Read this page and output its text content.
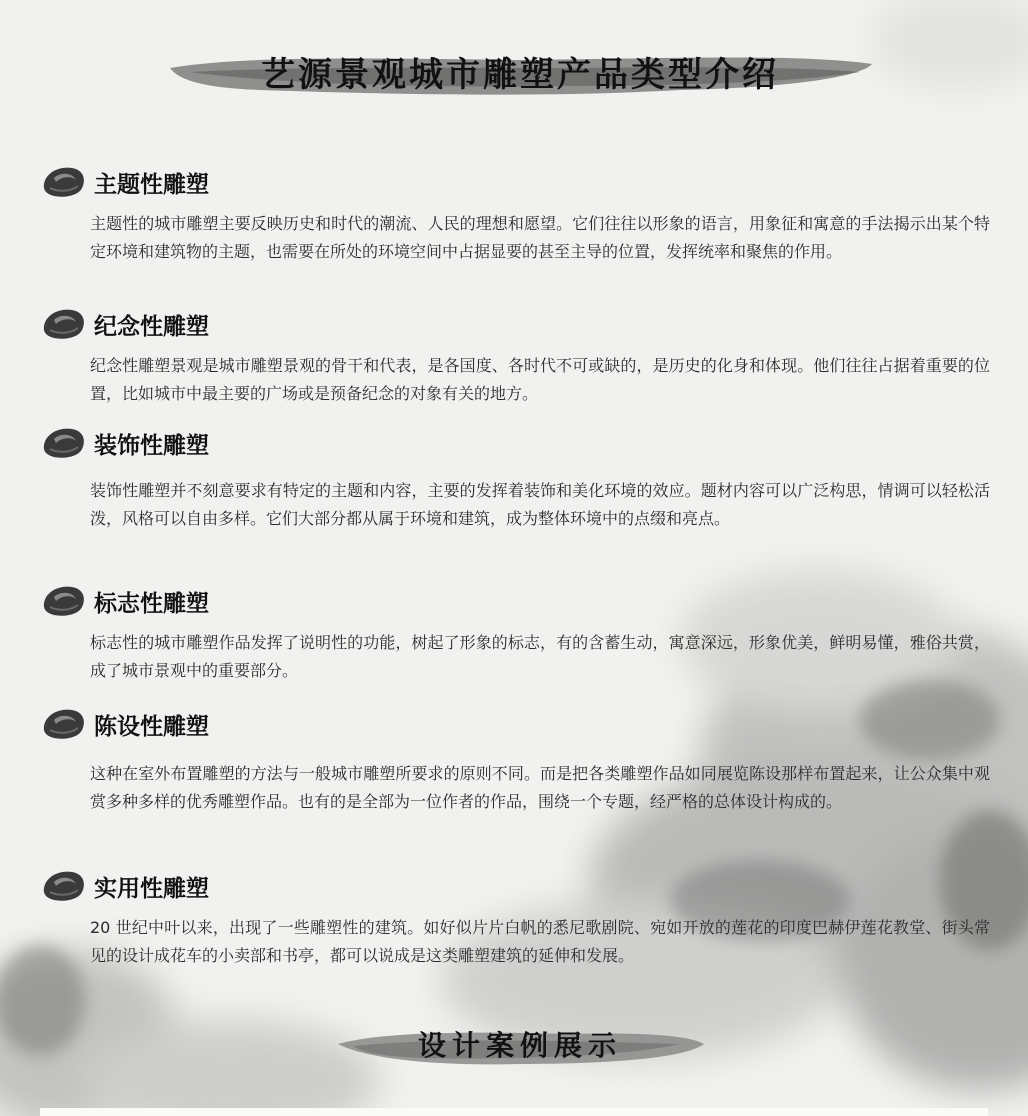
艺源景观城市雕塑产品类型介绍
主题性雕塑
主题性的城市雕塑主要反映历史和时代的潮流、人民的理想和愿望。它们往往以形象的语言，用象征和寓意的手法揭示出某个特定环境和建筑物的主题，也需要在所处的环境空间中占据显要的甚至主导的位置，发挥统率和聚焦的作用。
纪念性雕塑
纪念性雕塑景观是城市雕塑景观的骨干和代表，是各国度、各时代不可或缺的，是历史的化身和体现。他们往往占据着重要的位置，比如城市中最主要的广场或是预备纪念的对象有关的地方。
装饰性雕塑
装饰性雕塑并不刻意要求有特定的主题和内容，主要的发挥着装饰和美化环境的效应。题材内容可以广泛构思，情调可以轻松活泼，风格可以自由多样。它们大部分都从属于环境和建筑，成为整体环境中的点缀和亮点。
标志性雕塑
标志性的城市雕塑作品发挥了说明性的功能，树起了形象的标志，有的含蓄生动，寓意深远，形象优美，鲜明易懂，雅俗共赏，成了城市景观中的重要部分。
陈设性雕塑
这种在室外布置雕塑的方法与一般城市雕塑所要求的原则不同。而是把各类雕塑作品如同展览陈设那样布置起来，让公众集中观赏多种多样的优秀雕塑作品。也有的是全部为一位作者的作品，围绕一个专题，经严格的总体设计构成的。
实用性雕塑
20 世纪中叶以来，出现了一些雕塑性的建筑。如好似片片白帆的悉尼歌剧院、宛如开放的莲花的印度巴赫伊莲花教堂、街头常见的设计成花车的小卖部和书亭，都可以说成是这类雕塑建筑的延伸和发展。
设计案例展示
